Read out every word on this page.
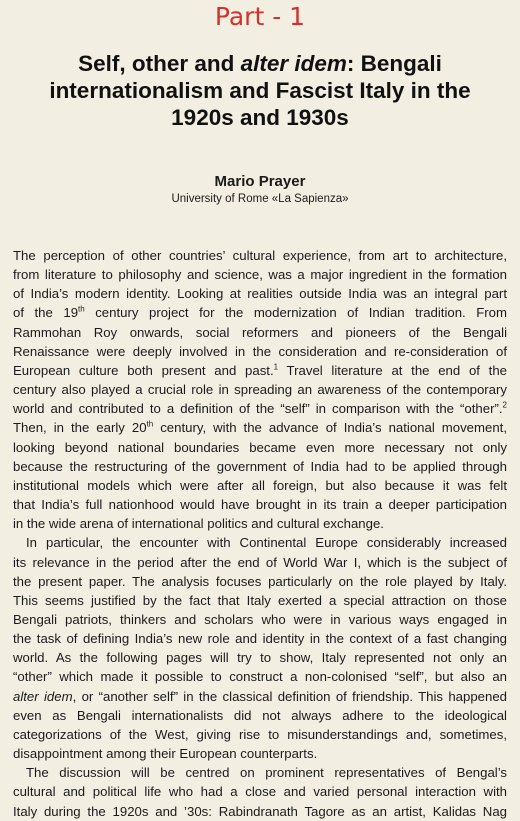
Part - 1
Self, other and alter idem: Bengali internationalism and Fascist Italy in the 1920s and 1930s
Mario Prayer
University of Rome «La Sapienza»

The perception of other countries’ cultural experience, from art to architecture,
from literature to philosophy and science, was a major ingredient in the formation
of India’s modern identity. Looking at realities outside India was an integral part
of the 19th century project for the modernization of Indian tradition. From
Rammohan Roy onwards, social reformers and pioneers of the Bengali
Renaissance were deeply involved in the consideration and re-consideration of
European culture both present and past.$^1$ Travel literature at the end of the
century also played a crucial role in spreading an awareness of the contemporary
world and contributed to a definition of the “self” in comparison with the “other”.$^2$
Then, in the early 20th century, with the advance of India’s national movement,
looking beyond national boundaries became even more necessary not only
because the restructuring of the government of India had to be applied through
institutional models which were after all foreign, but also because it was felt
that India’s full nationhood would have brought in its train a deeper participation
in the wide arena of international politics and cultural exchange.

In particular, the encounter with Continental Europe considerably increased
its relevance in the period after the end of World War I, which is the subject of
the present paper. The analysis focuses particularly on the role played by Italy.
This seems justified by the fact that Italy exerted a special attraction on those
Bengali patriots, thinkers and scholars who were in various ways engaged in
the task of defining India’s new role and identity in the context of a fast changing
world. As the following pages will try to show, Italy represented not only an
“other” which made it possible to construct a non-colonised “self”, but also an
alter idem, or “another self” in the classical definition of friendship. This happened
even as Bengali internationalists did not always adhere to the ideological
categorizations of the West, giving rise to misunderstandings and, sometimes,
disappointment among their European counterparts.

The discussion will be centred on prominent representatives of Bengal’s
cultural and political life who had a close and varied personal interaction with
Italy during the 1920s and ’30s: Rabindranath Tagore as an artist, Kalidas Nag
